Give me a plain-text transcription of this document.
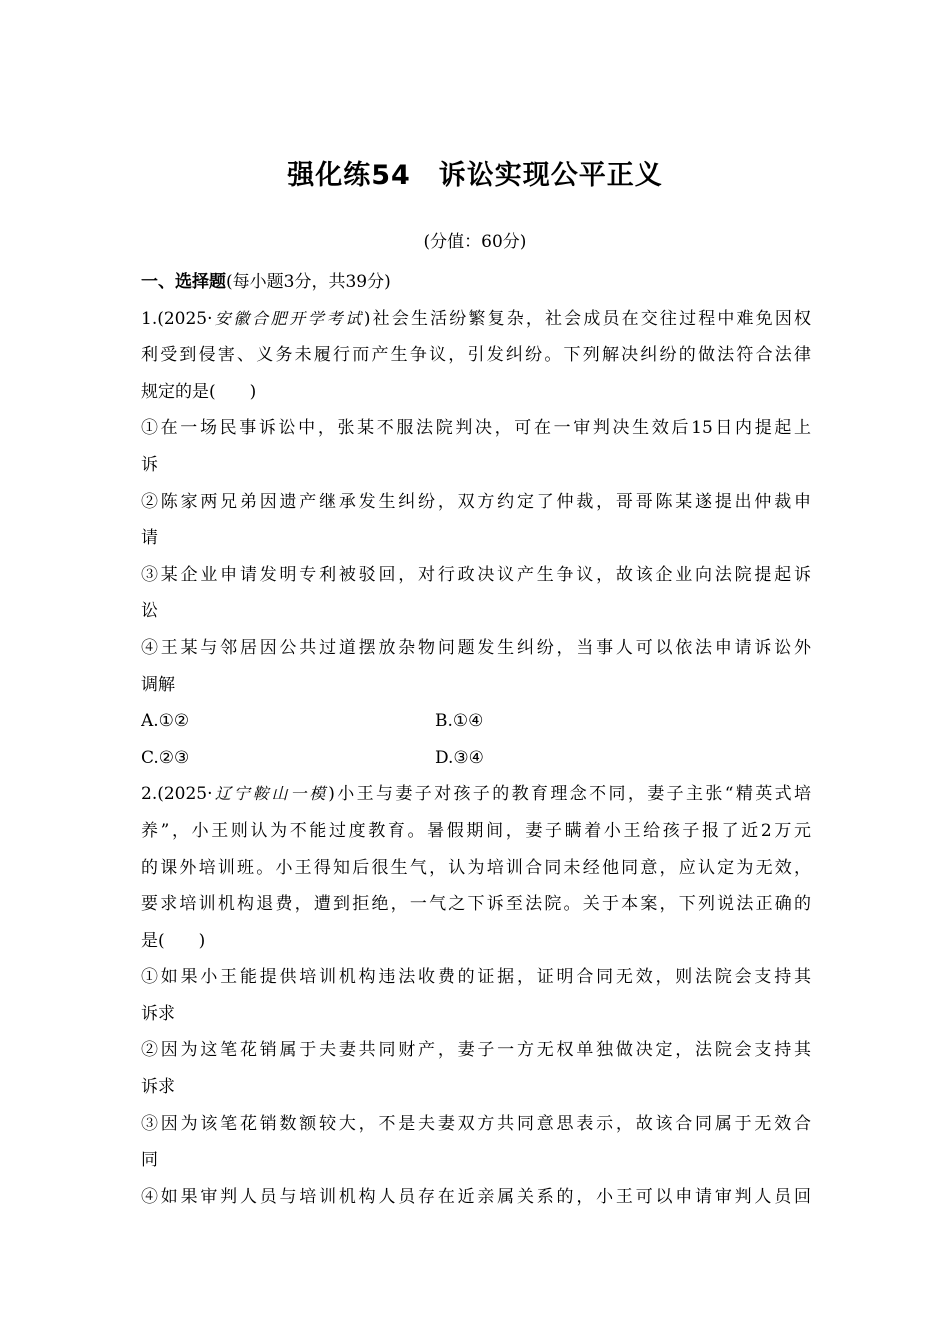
强化练54　诉讼实现公平正义
(分值：60分)
一、选择题(每小题3分，共39分)
1.(2025·安徽合肥开学考试)社会生活纷繁复杂，社会成员在交往过程中难免因权
利受到侵害、义务未履行而产生争议，引发纠纷。下列解决纠纷的做法符合法律
规定的是(　　)
①在一场民事诉讼中，张某不服法院判决，可在一审判决生效后15日内提起上
诉
②陈家两兄弟因遗产继承发生纠纷，双方约定了仲裁，哥哥陈某遂提出仲裁申
请
③某企业申请发明专利被驳回，对行政决议产生争议，故该企业向法院提起诉
讼
④王某与邻居因公共过道摆放杂物问题发生纠纷，当事人可以依法申请诉讼外
调解
A.①②	B.①④
C.②③	D.③④
2.(2025·辽宁鞍山一模)小王与妻子对孩子的教育理念不同，妻子主张“精英式培
养”，小王则认为不能过度教育。暑假期间，妻子瞒着小王给孩子报了近2万元
的课外培训班。小王得知后很生气，认为培训合同未经他同意，应认定为无效，
要求培训机构退费，遭到拒绝，一气之下诉至法院。关于本案，下列说法正确的
是(　　)
①如果小王能提供培训机构违法收费的证据，证明合同无效，则法院会支持其
诉求
②因为这笔花销属于夫妻共同财产，妻子一方无权单独做决定，法院会支持其
诉求
③因为该笔花销数额较大，不是夫妻双方共同意思表示，故该合同属于无效合
同
④如果审判人员与培训机构人员存在近亲属关系的，小王可以申请审判人员回
